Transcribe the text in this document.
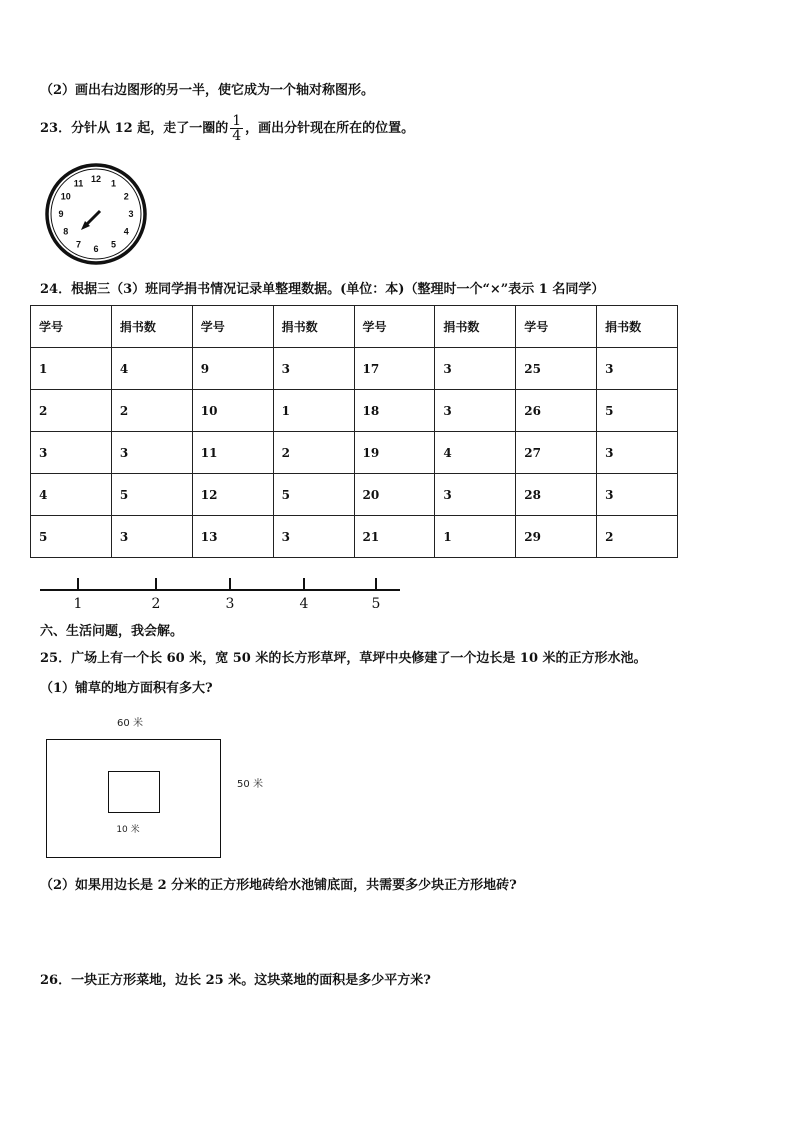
（2）画出右边图形的另一半，使它成为一个轴对称图形。
23．分针从 12 起，走了一圈的 $\frac{1}{4}$ ，画出分针现在所在的位置。
12 1
2
3
4
5
6
7
8
9
10
11
24．根据三（3）班同学捐书情况记录单整理数据。(单位：本)（整理时一个“×”表示 1 名同学）
学号	捐书数	学号	捐书数	学号	捐书数	学号	捐书数
1	4	9	3	17	3	25	3
2	2	10	1	18	3	26	5
3	3	11	2	19	4	27	3
4	5	12	5	20	3	28	3
5	3	13	3	21	1	29	2
1	2	3	4	5
六、生活问题，我会解。
25．广场上有一个长 60 米，宽 50 米的长方形草坪，草坪中央修建了一个边长是 10 米的正方形水池。
（1）铺草的地方面积有多大?
60 米
10 米
50 米
（2）如果用边长是 2 分米的正方形地砖给水池铺底面，共需要多少块正方形地砖?
26．一块正方形菜地，边长 25 米。这块菜地的面积是多少平方米?
